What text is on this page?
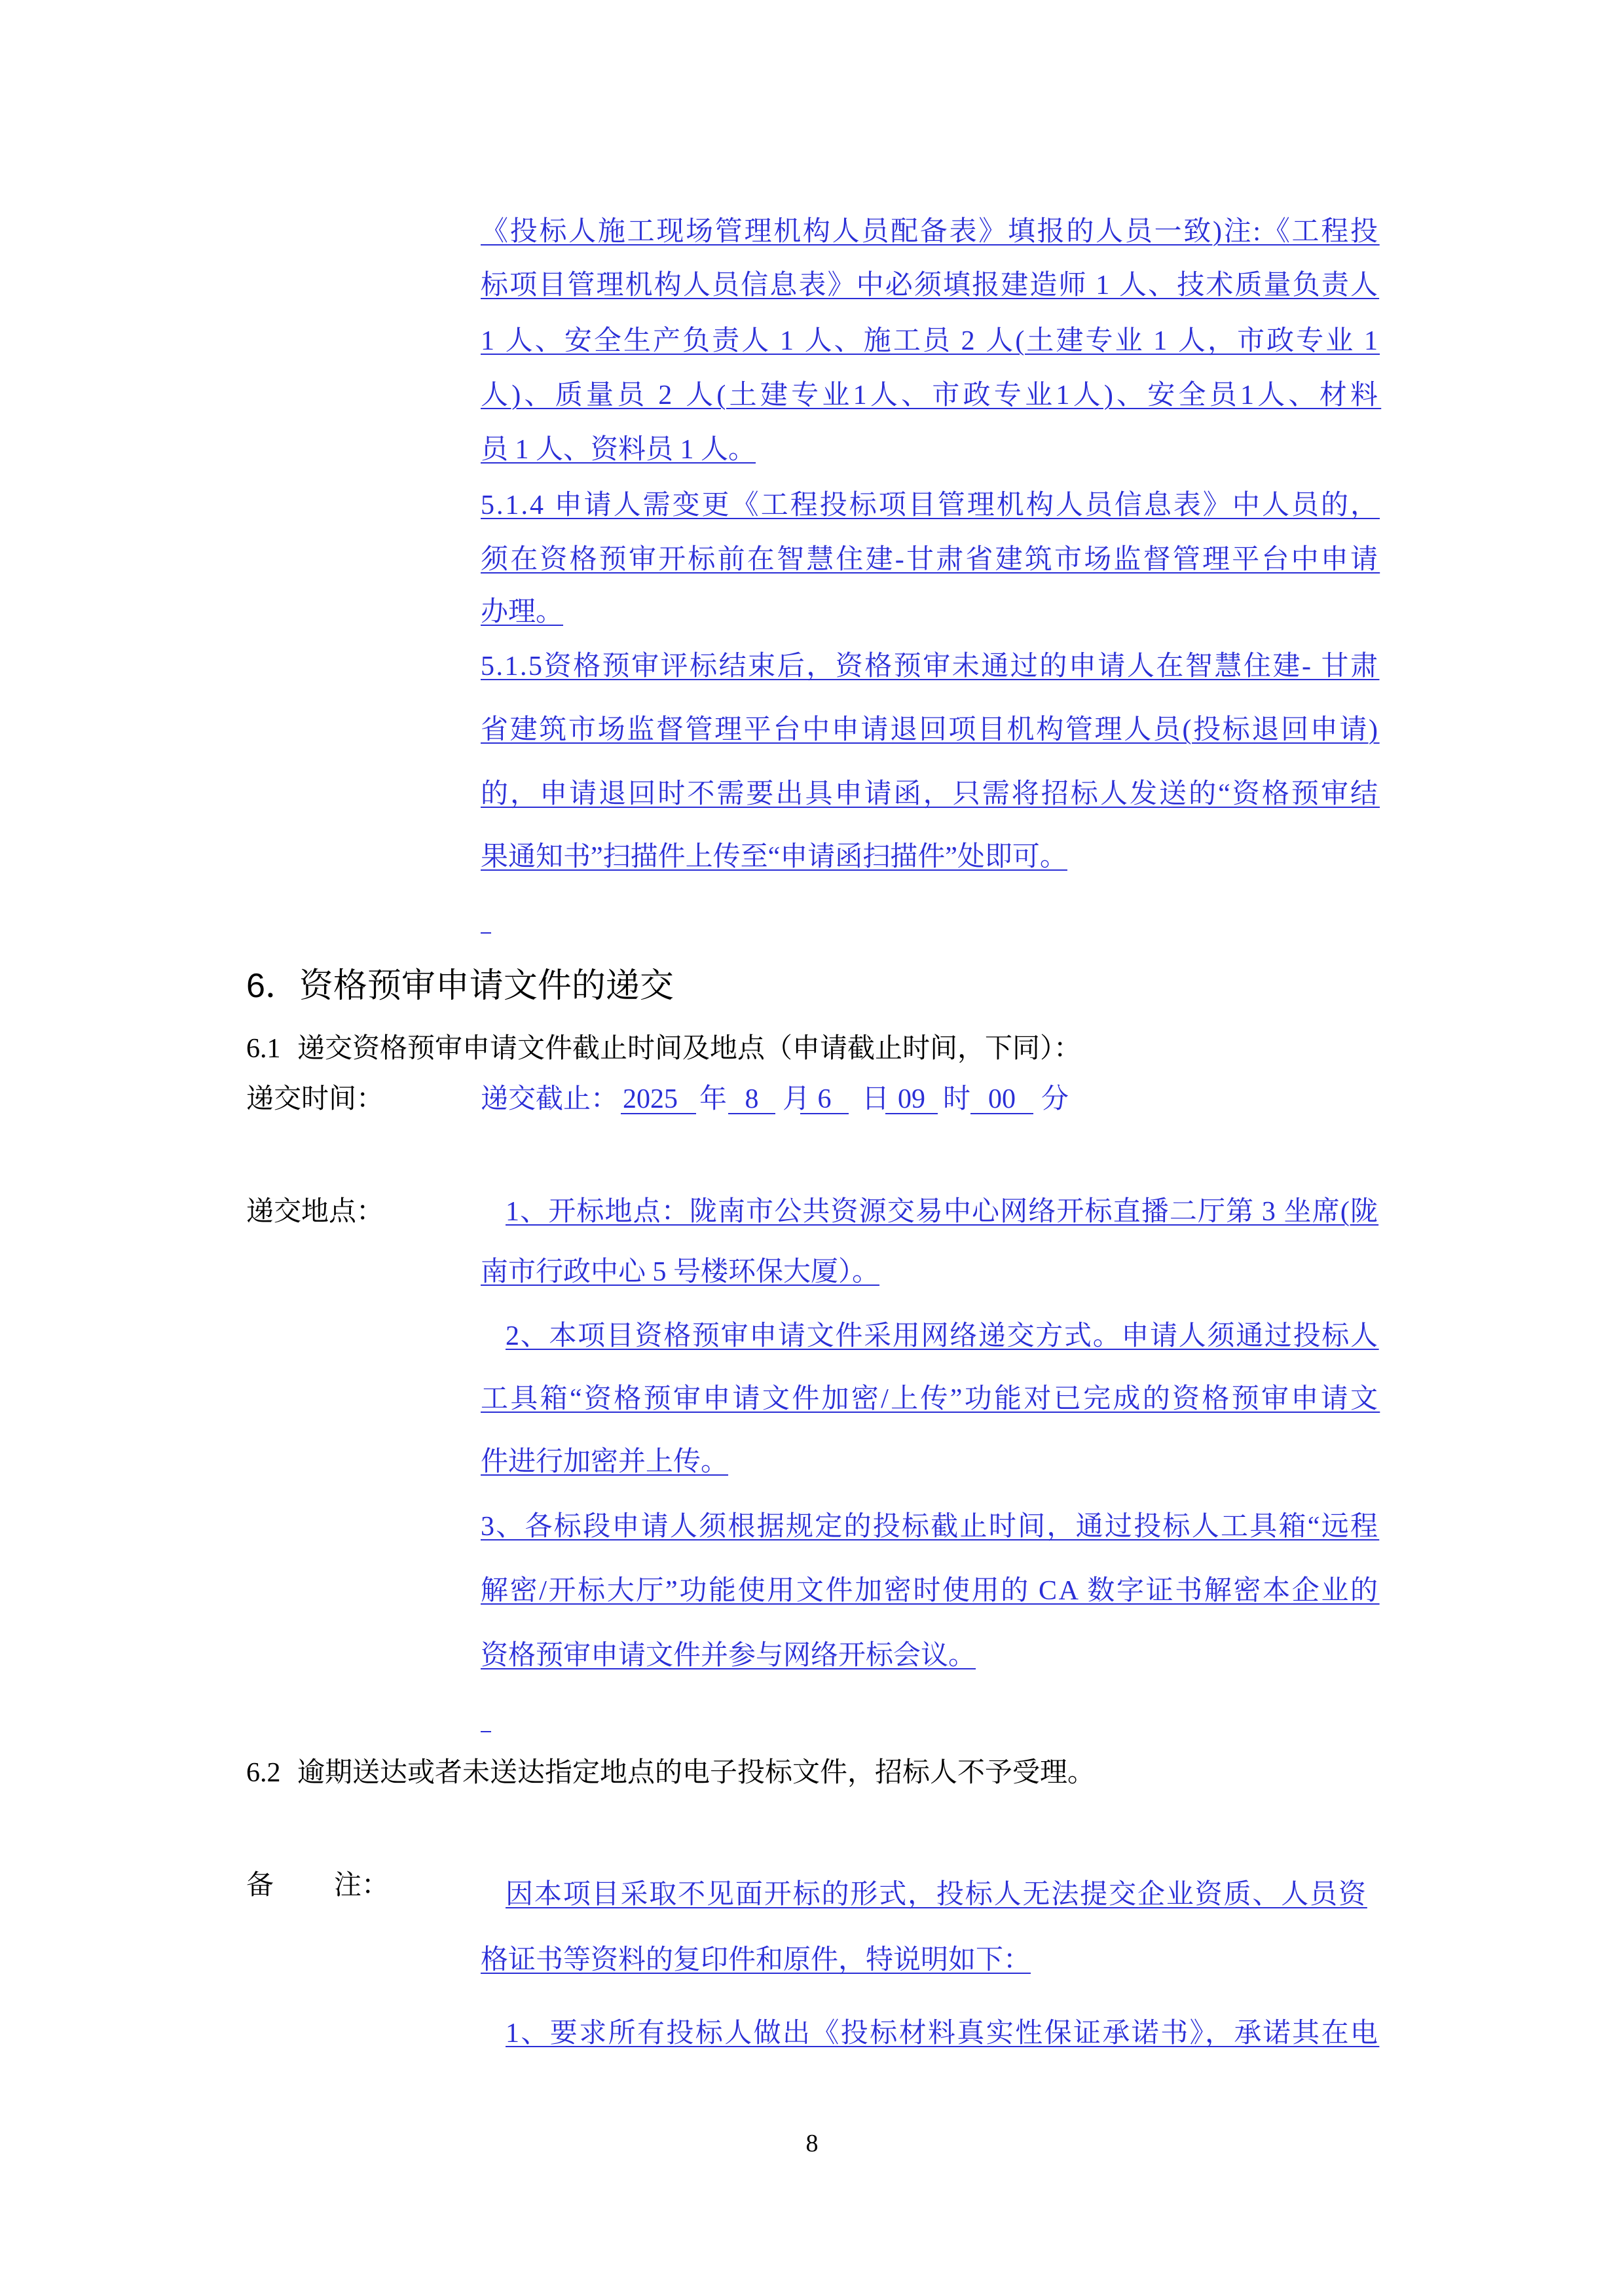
《投标人施工现场管理机构人员配备表》填报的人员一致)注:《工程投
标项目管理机构人员信息表》中必须填报建造师 1 人、技术质量负责人
1 人、安全生产负责人 1 人、施工员 2 人(土建专业 1 人，市政专业 1
人)、质量员 2 人(土建专业1人、市政专业1人)、安全员1人、材料
员 1 人、资料员 1 人。
5.1.4 申请人需变更《工程投标项目管理机构人员信息表》中人员的，
须在资格预审开标前在智慧住建-甘肃省建筑市场监督管理平台中申请
办理。
5.1.5资格预审评标结束后，资格预审未通过的申请人在智慧住建- 甘肃
省建筑市场监督管理平台中申请退回项目机构管理人员(投标退回申请)
的，申请退回时不需要出具申请函，只需将招标人发送的“资格预审结
果通知书”扫描件上传至“申请函扫描件”处即可。
6．资格预审申请文件的递交
6.1 递交资格预审申请文件截止时间及地点（申请截止时间，下同）：
递交时间：	递交截止： 2025 年 8 月 6	日 09 时 00 分
递交地点：	1、开标地点：陇南市公共资源交易中心网络开标直播二厅第 3 坐席(陇
南市行政中心 5 号楼环保大厦）。
2、本项目资格预审申请文件采用网络递交方式。申请人须通过投标人
工具箱“资格预审申请文件加密/上传”功能对已完成的资格预审申请文
件进行加密并上传。
3、各标段申请人须根据规定的投标截止时间，通过投标人工具箱“远程
解密/开标大厅”功能使用文件加密时使用的 CA 数字证书解密本企业的
资格预审申请文件并参与网络开标会议。
6.2 逾期送达或者未送达指定地点的电子投标文件，招标人不予受理。
备 注：	因本项目采取不见面开标的形式，投标人无法提交企业资质、人员资
格证书等资料的复印件和原件，特说明如下：
1、要求所有投标人做出《投标材料真实性保证承诺书》，承诺其在电
8
